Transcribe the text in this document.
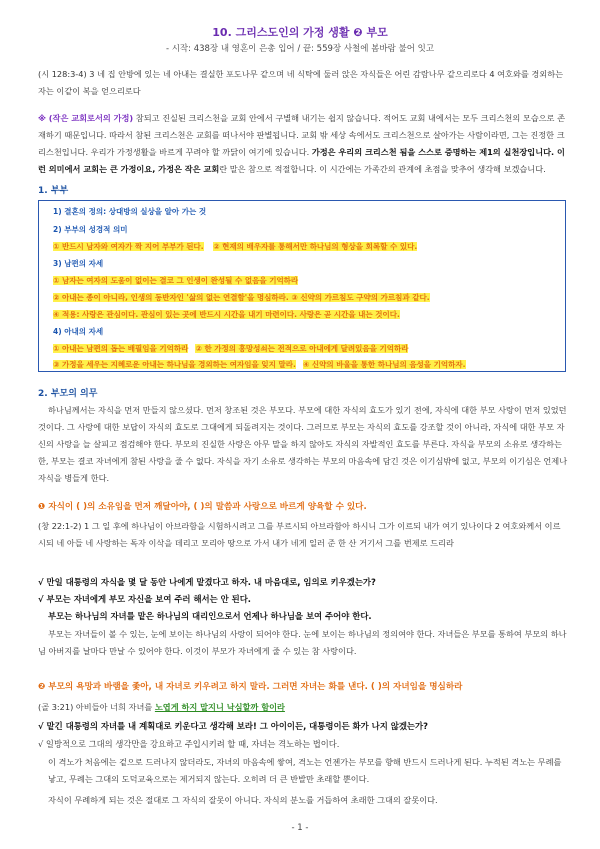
10. 그리스도인의 가정 생활 ❷ 부모
- 시작: 438장 내 영혼이 은총 입어 / 끝: 559장 사철에 봄바람 불어 잇고
(시 128:3-4) 3 네 집 안방에 있는 네 아내는 결실한 포도나무 같으며 네 식탁에 둘러 앉은 자식들은 어린 감람나무 같으리로다 4 여호와를 경외하는 자는 이같이 복을 얻으리로다
※ (작은 교회로서의 가정) 참되고 진실된 크리스천을 교회 안에서 구별해 내기는 쉽지 않습니다. 적어도 교회 내에서는 모두 크리스천의 모습으로 존재하기 때문입니다. 따라서 참된 크리스천은 교회를 떠나서야 판별됩니다. 교회 밖 세상 속에서도 크리스천으로 살아가는 사람이라면, 그는 진정한 크리스천입니다. 우리가 가정생활을 바르게 꾸려야 할 까닭이 여기에 있습니다. 가정은 우리의 크리스천 됨을 스스로 증명하는 제1의 실천장입니다. 이런 의미에서 교회는 큰 가정이요, 가정은 작은 교회란 말은 참으로 적절합니다. 이 시간에는 가족간의 관계에 초점을 맞추어 생각해 보겠습니다.
1. 부부
1) 결혼의 정의: 상대방의 실상을 알아 가는 것
2) 부부의 성경적 의미
① 반드시 남자와 여자가 짝 지어 부부가 된다. ② 현재의 배우자를 통해서만 하나님의 형상을 회복할 수 있다.
3) 남편의 자세
① 남자는 여자의 도움이 없이는 결코 그 인생이 완성될 수 없음을 기억하라
② 아내는 종이 아니라, 인생의 동반자인 '삶의 없는 연결함'을 명심하라. ③ 신약의 가르침도 구약의 가르침과 같다.
④ 적용: 사랑은 관심이다. 관심이 있는 곳에 반드시 시간을 내기 마련이다. 사랑은 곧 시간을 내는 것이다.
4) 아내의 자세
① 아내는 남편의 돕는 배필임을 기억하라 ② 한 가정의 흥망성쇠는 전적으로 아내에게 달려있음을 기억하라
③ 가정을 세우는 지혜로운 아내는 하나님을 경외하는 여자임을 잊지 말라. ④ 신약의 바울을 통한 하나님의 음성을 기억하자.
2. 부모의 의무
하나님께서는 자식을 먼저 만들지 않으셨다. 먼저 창조된 것은 부모다. 부모에 대한 자식의 효도가 있기 전에, 자식에 대한 부모 사랑이 먼저 있었던 것이다. 그 사랑에 대한 보답이 자식의 효도로 그대에게 되돌려지는 것이다. 그러므로 부모는 자식의 효도를 강조할 것이 아니라, 자식에 대한 부모 자신의 사랑을 늘 살피고 점검해야 한다. 부모의 진실한 사랑은 아무 말을 하지 않아도 자식의 자발적인 효도를 부른다. 자식을 부모의 소유로 생각하는 한, 부모는 결코 자녀에게 참된 사랑을 줄 수 없다. 자식을 자기 소유로 생각하는 부모의 마음속에 담긴 것은 이기심밖에 없고, 부모의 이기심은 언제나 자식을 병들게 한다.
❶ 자식이 ( )의 소유임을 먼저 깨달아야, ( )의 말씀과 사랑으로 바르게 양육할 수 있다.
(창 22:1-2) 1 그 일 후에 하나님이 아브라함을 시험하시려고 그를 부르시되 아브라함아 하시니 그가 이르되 내가 여기 있나이다 2 여호와께서 이르시되 네 아들 네 사랑하는 독자 이삭을 데리고 모리아 땅으로 가서 내가 네게 일러 준 한 산 거기서 그를 번제로 드리라
√ 만일 대통령의 자식을 몇 달 동안 나에게 맡겼다고 하자. 내 마음대로, 임의로 키우겠는가?
√ 부모는 자녀에게 부모 자신을 보여 주러 해서는 안 된다.
부모는 하나님의 자녀를 맡은 하나님의 대리인으로서 언제나 하나님을 보여 주어야 한다.
부모는 자녀들이 볼 수 있는, 눈에 보이는 하나님의 사랑이 되어야 한다. 눈에 보이는 하나님의 정의여야 한다. 자녀들은 부모를 통하여 부모의 하나님 아버지를 날마다 만날 수 있어야 한다. 이것이 부모가 자녀에게 줄 수 있는 참 사랑이다.
❷ 부모의 욕망과 바램을 좇아, 내 자녀로 키우려고 하지 말라. 그러면 자녀는 화를 낸다. ( )의 자녀임을 명심하라
(골 3:21) 아비들아 너희 자녀를 노엽게 하지 말지니 낙심할까 함이라
√ 맡긴 대통령의 자녀를 내 계획대로 키운다고 생각해 보라! 그 아이이든, 대통령이든 화가 나지 않겠는가?
√ 일방적으로 그대의 생각만을 강요하고 주입시키려 할 때, 자녀는 격노하는 법이다.
이 격노가 처음에는 겉으로 드러나지 않더라도, 자녀의 마음속에 쌓여, 격노는 언젠가는 부모를 향해 반드시 드러나게 된다. 누적된 격노는 무례를 낳고, 무례는 그대의 도덕교육으로는 제거되지 않는다. 오히려 더 큰 반발만 초래할 뿐이다.
자식이 무례하게 되는 것은 절대로 그 자식의 잘못이 아니다. 자식의 분노를 거듭하여 초래한 그대의 잘못이다.
- 1 -
